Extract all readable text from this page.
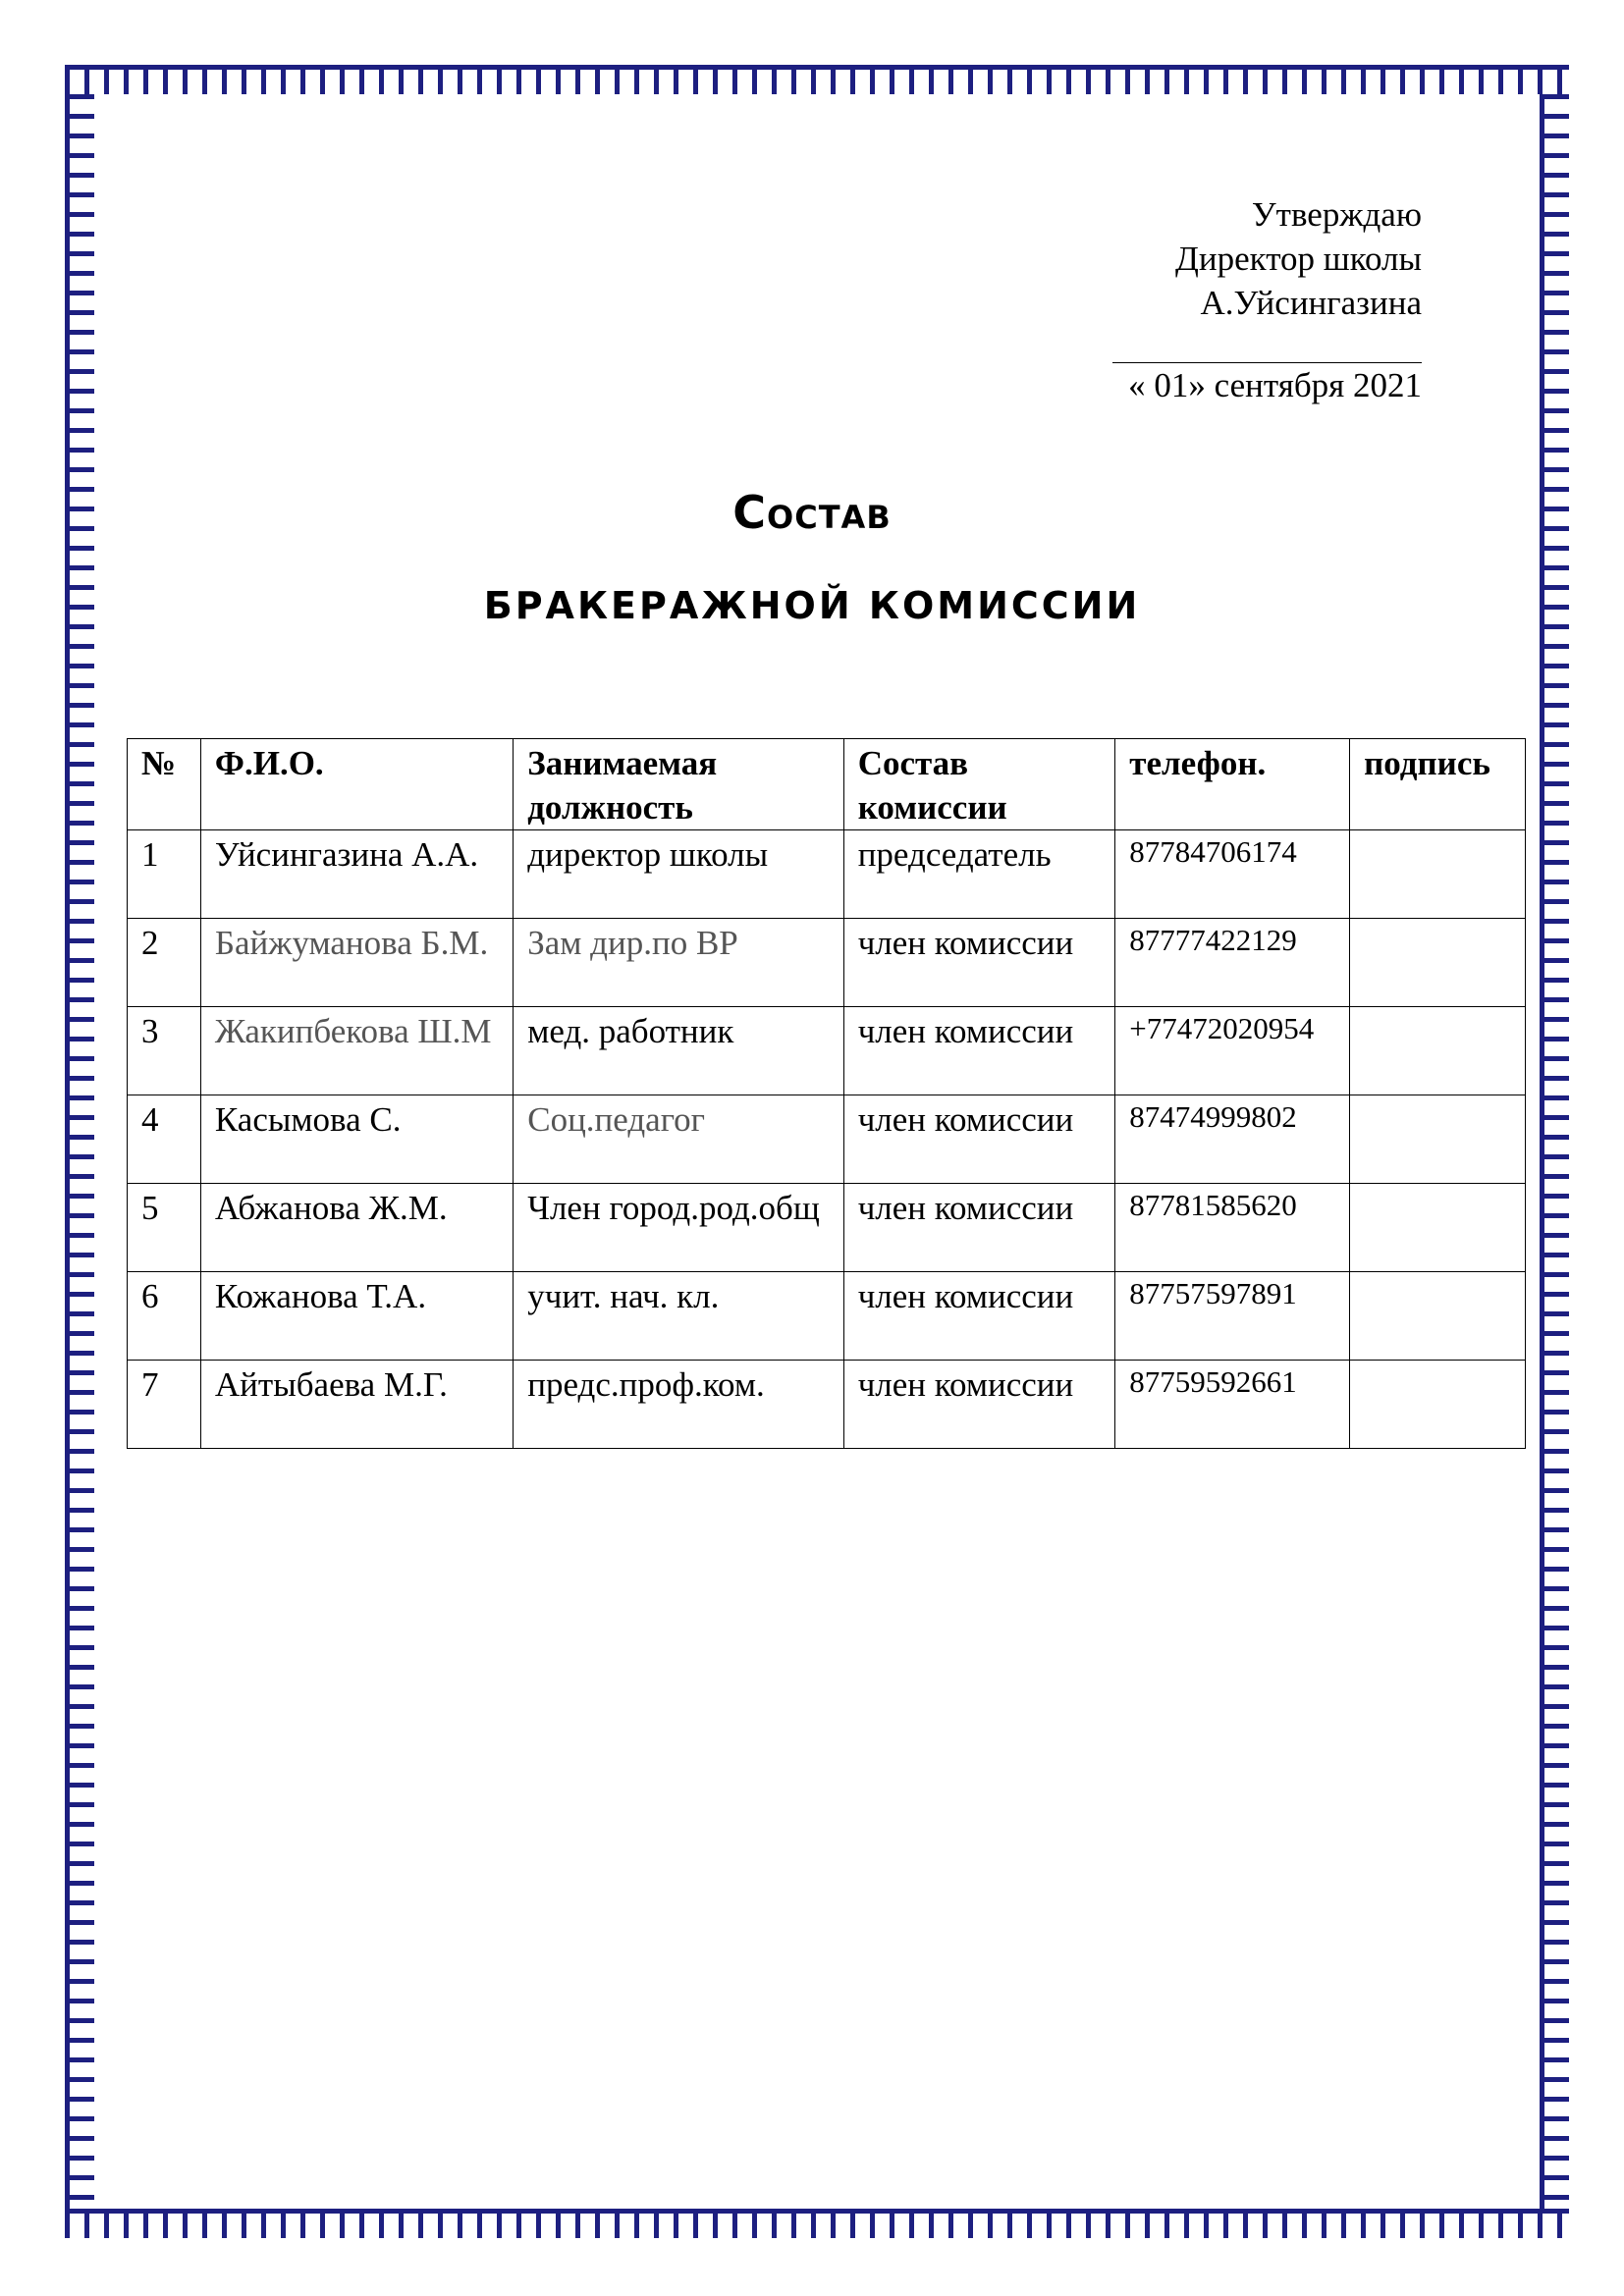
Утверждаю
Директор школы
А.Уйсингазина
« 01» сентября 2021
Состав
БРАКЕРАЖНОЙ КОМИССИИ
№	Ф.И.О.	Занимаемая должность	Состав комиссии	телефон.	подпись
1	Уйсингазина А.А.	директор школы	председатель	87784706174	
2	Байжуманова Б.М.	Зам дир.по ВР	член комиссии	87777422129	
3	Жакипбекова Ш.М	мед. работник	член комиссии	+77472020954	
4	Касымова С.	Соц.педагог	член комиссии	87474999802	
5	Абжанова Ж.М.	Член город.род.общ	член комиссии	87781585620	
6	Кожанова Т.А.	учит. нач. кл.	член комиссии	87757597891	
7	Айтыбаева М.Г.	предс.проф.ком.	член комиссии	87759592661	
